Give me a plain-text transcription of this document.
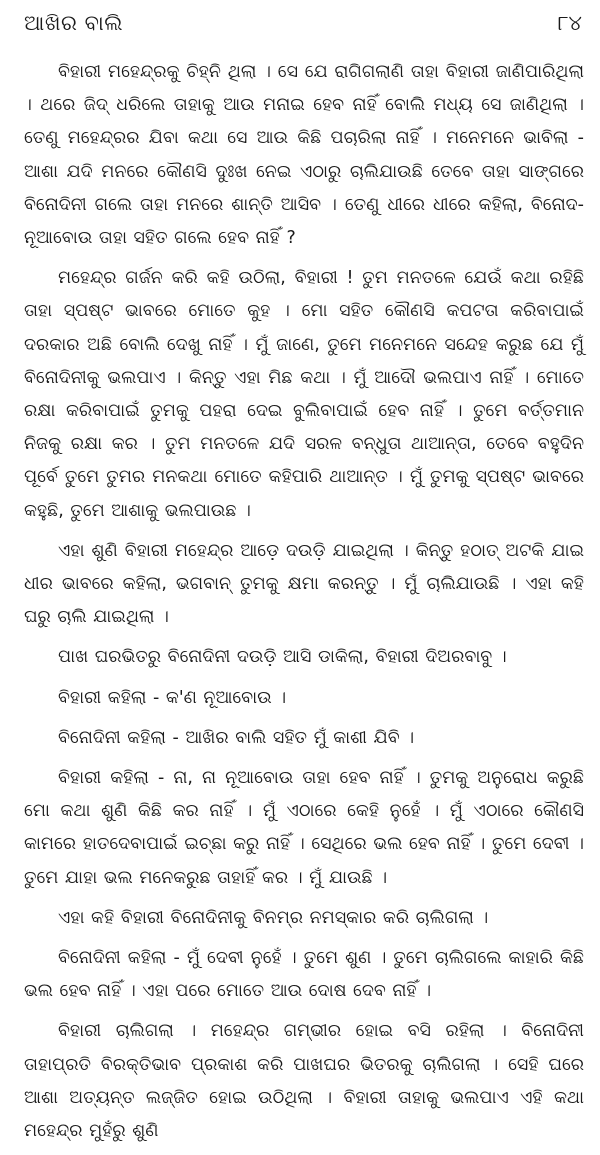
ଆଖିର ବାଲି	୮୪

ବିହାରୀ ମହେନ୍ଦ୍ରକୁ ଚିହ୍ନି ଥିଲା । ସେ ଯେ ରାଗିଗଲାଣି ତାହା ବିହାରୀ ଜାଣିପାରିଥିଲା । ଥରେ ଜିଦ୍ ଧରିଲେ ତାହାକୁ ଆଉ ମନାଇ ହେବ ନାହିଁ ବୋଲି ମଧ୍ୟ ସେ ଜାଣିଥିଲା । ତେଣୁ ମହେନ୍ଦ୍ରର ଯିବା କଥା ସେ ଆଉ କିଛି ପଚାରିଲା ନାହିଁ । ମନେମନେ ଭାବିଲା - ଆଶା ଯଦି ମନରେ କୌଣସି ଦୁଃଖ ନେଇ ଏଠାରୁ ଚାଲିଯାଉଛି ତେବେ ତାହା ସାଙ୍ଗରେ ବିନୋଦିନୀ ଗଲେ ତାହା ମନରେ ଶାନ୍ତି ଆସିବ । ତେଣୁ ଧୀରେ ଧୀରେ କହିଲା, ବିନୋଦ-ନୂଆବୋଉ ତାହା ସହିତ ଗଲେ ହେବ ନାହିଁ ?

ମହେନ୍ଦ୍ର ଗର୍ଜନ କରି କହି ଉଠିଲା, ବିହାରୀ ! ତୁମ ମନତଳେ ଯେଉଁ କଥା ରହିଛି ତାହା ସ୍ପଷ୍ଟ ଭାବରେ ମୋତେ କୁହ । ମୋ ସହିତ କୌଣସି କପଟତା କରିବାପାଇଁ ଦରକାର ଅଛି ବୋଲି ଦେଖୁ ନାହିଁ । ମୁଁ ଜାଣେ, ତୁମେ ମନେମନେ ସନ୍ଦେହ କରୁଛ ଯେ ମୁଁ ବିନୋଦିନୀକୁ ଭଲପାଏ । କିନ୍ତୁ ଏହା ମିଛ କଥା । ମୁଁ ଆଦୌ ଭଲପାଏ ନାହିଁ । ମୋତେ ରକ୍ଷା କରିବାପାଇଁ ତୁମକୁ ପହରା ଦେଇ ବୁଲିବାପାଇଁ ହେବ ନାହିଁ । ତୁମେ ବର୍ତ୍ତମାନ ନିଜକୁ ରକ୍ଷା କର । ତୁମ ମନତଳେ ଯଦି ସରଳ ବନ୍ଧୁତା ଥାଆନ୍ତା, ତେବେ ବହୁଦିନ ପୂର୍ବେ ତୁମେ ତୁମର ମନକଥା ମୋତେ କହିପାରି ଥାଆନ୍ତ । ମୁଁ ତୁମକୁ ସ୍ପଷ୍ଟ ଭାବରେ କହୁଛି, ତୁମେ ଆଶାକୁ ଭଲପାଉଛ ।

ଏହା ଶୁଣି ବିହାରୀ ମହେନ୍ଦ୍ର ଆଡ଼େ ଦଉଡ଼ି ଯାଇଥିଲା । କିନ୍ତୁ ହଠାତ୍ ଅଟକି ଯାଇ ଧୀର ଭାବରେ କହିଲା, ଭଗବାନ୍ ତୁମକୁ କ୍ଷମା କରନ୍ତୁ । ମୁଁ ଚାଲିଯାଉଛି । ଏହା କହି ଘରୁ ଚାଲି ଯାଇଥିଲା ।

ପାଖ ଘରଭିତରୁ ବିନୋଦିନୀ ଦଉଡ଼ି ଆସି ଡାକିଲା, ବିହାରୀ ଦିଅରବାବୁ ।

ବିହାରୀ କହିଲା - କ'ଣ ନୂଆବୋଉ ।

ବିନୋଦିନୀ କହିଲା - ଆଖିର ବାଲି ସହିତ ମୁଁ କାଶୀ ଯିବି ।

ବିହାରୀ କହିଲା - ନା, ନା ନୂଆବୋଉ ତାହା ହେବ ନାହିଁ । ତୁମକୁ ଅନୁରୋଧ କରୁଛି ମୋ କଥା ଶୁଣି କିଛି କର ନାହିଁ । ମୁଁ ଏଠାରେ କେହି ନୁହେଁ । ମୁଁ ଏଠାରେ କୌଣସି କାମରେ ହାତଦେବାପାଇଁ ଇଚ୍ଛା କରୁ ନାହିଁ । ସେଥିରେ ଭଲ ହେବ ନାହିଁ । ତୁମେ ଦେବୀ । ତୁମେ ଯାହା ଭଲ ମନେକରୁଛ ତାହାହିଁ କର । ମୁଁ ଯାଉଛି ।

ଏହା କହି ବିହାରୀ ବିନୋଦିନୀକୁ ବିନମ୍ର ନମସ୍କାର କରି ଚାଲିଗଲା ।

ବିନୋଦିନୀ କହିଲା - ମୁଁ ଦେବୀ ନୁହେଁ । ତୁମେ ଶୁଣ । ତୁମେ ଚାଲିଗଲେ କାହାରି କିଛି ଭଲ ହେବ ନାହିଁ । ଏହା ପରେ ମୋତେ ଆଉ ଦୋଷ ଦେବ ନାହିଁ ।

ବିହାରୀ ଚାଲିଗଲା । ମହେନ୍ଦ୍ର ଗମ୍ଭୀର ହୋଇ ବସି ରହିଲା । ବିନୋଦିନୀ ତାହାପ୍ରତି ବିରକ୍ତିଭାବ ପ୍ରକାଶ କରି ପାଖଘର ଭିତରକୁ ଚାଲିଗଲା । ସେହି ଘରେ ଆଶା ଅତ୍ୟନ୍ତ ଲଜ୍ଜିତ ହୋଇ ଉଠିଥିଲା । ବିହାରୀ ତାହାକୁ ଭଲପାଏ ଏହି କଥା ମହେନ୍ଦ୍ର ମୁହଁରୁ ଶୁଣି
